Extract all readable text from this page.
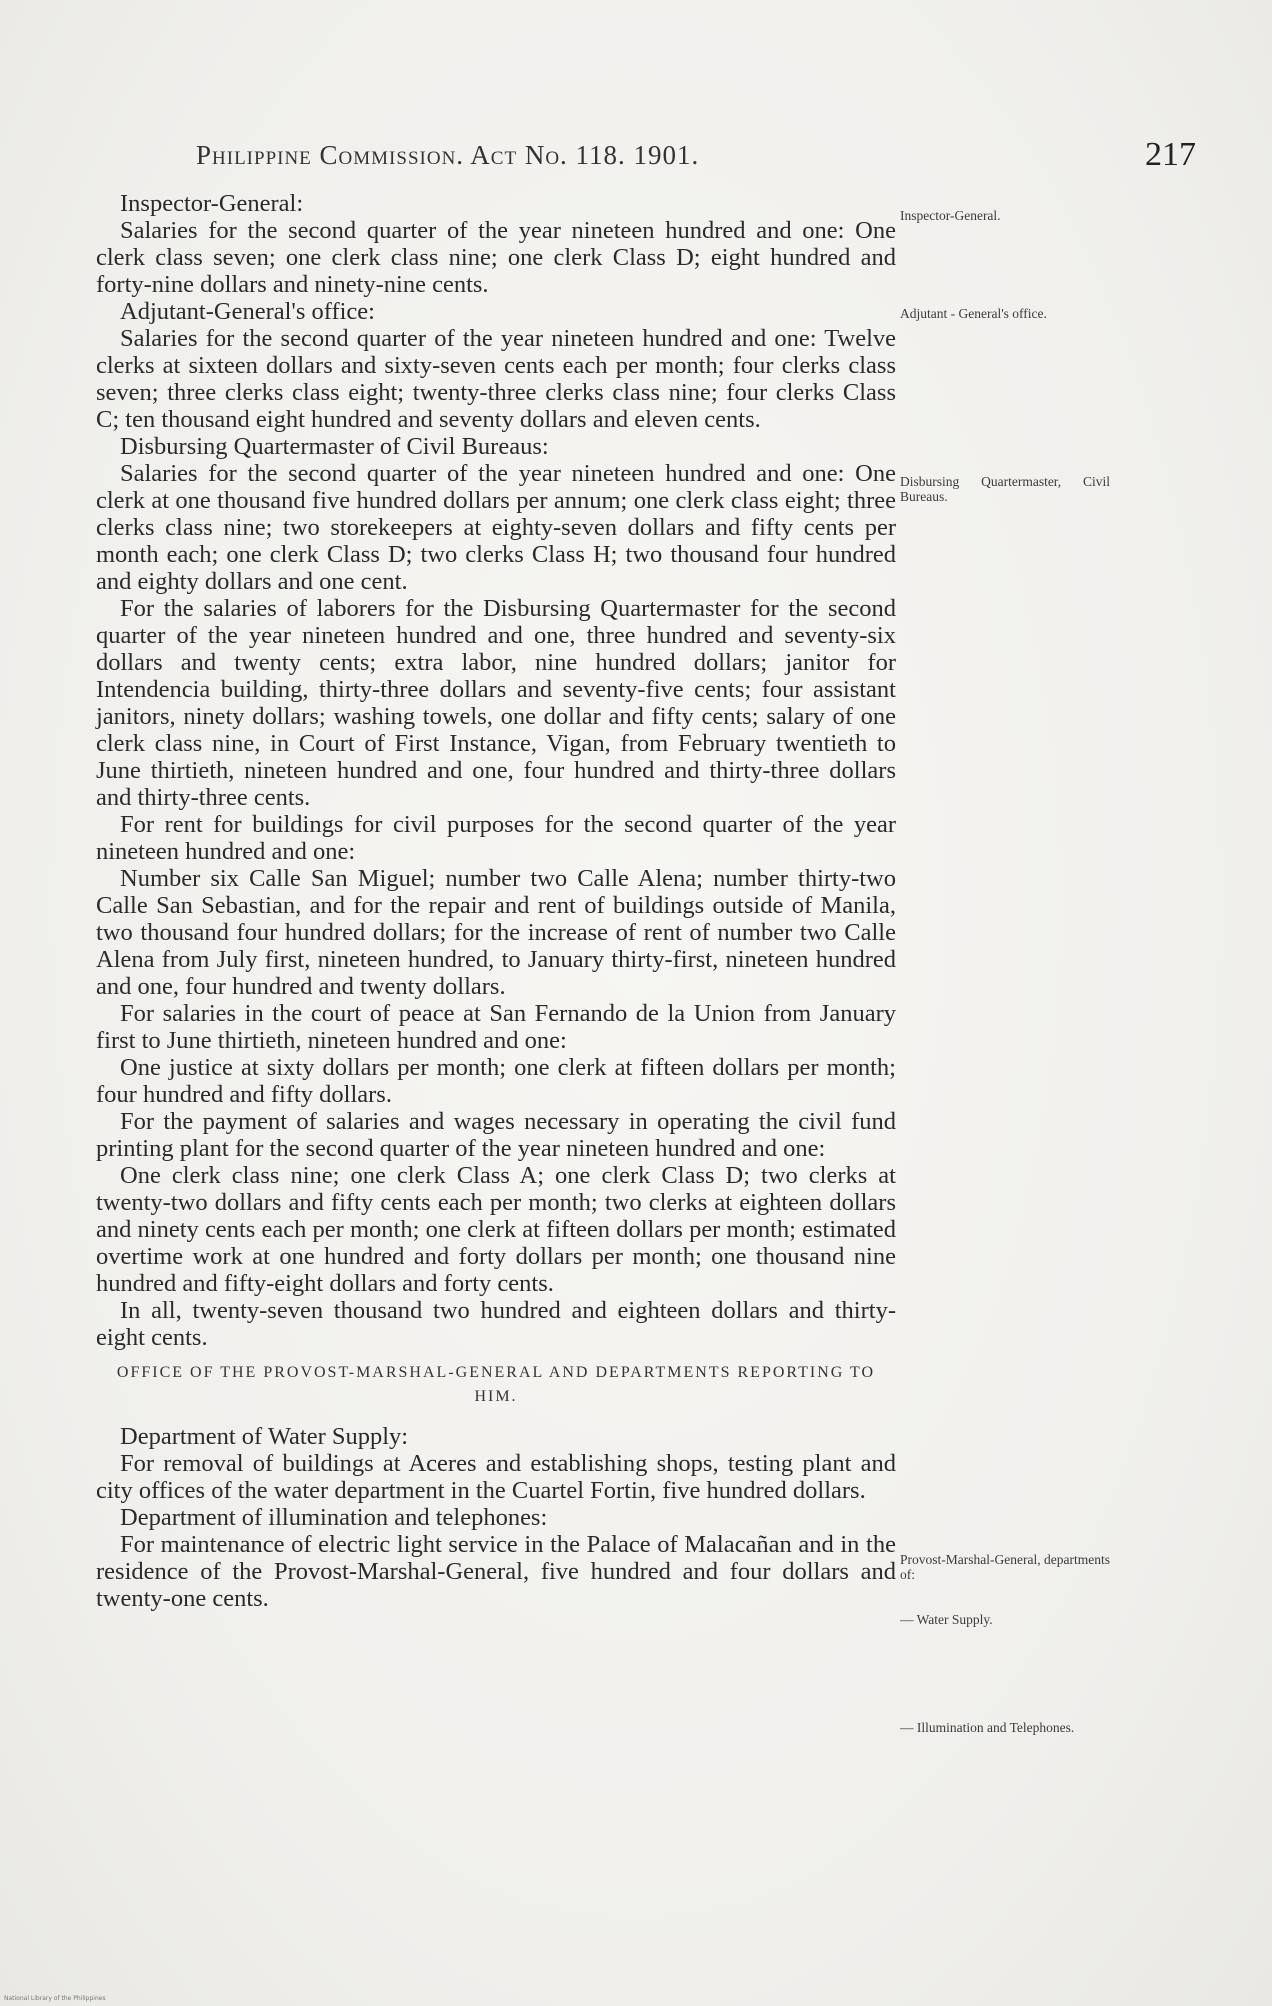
Philippine Commission. Act No. 118. 1901.	217

Inspector-General:

Salaries for the second quarter of the year nineteen hundred and one: One clerk class seven; one clerk class nine; one clerk Class D; eight hundred and forty-nine dollars and ninety-nine cents.

Adjutant-General's office:

Salaries for the second quarter of the year nineteen hundred and one: Twelve clerks at sixteen dollars and sixty-seven cents each per month; four clerks class seven; three clerks class eight; twenty-three clerks class nine; four clerks Class C; ten thousand eight hundred and seventy dollars and eleven cents.

Disbursing Quartermaster of Civil Bureaus:

Salaries for the second quarter of the year nineteen hundred and one: One clerk at one thousand five hundred dollars per annum; one clerk class eight; three clerks class nine; two storekeepers at eighty-seven dollars and fifty cents per month each; one clerk Class D; two clerks Class H; two thousand four hundred and eighty dollars and one cent.

For the salaries of laborers for the Disbursing Quartermaster for the second quarter of the year nineteen hundred and one, three hundred and seventy-six dollars and twenty cents; extra labor, nine hundred dollars; janitor for Intendencia building, thirty-three dollars and seventy-five cents; four assistant janitors, ninety dollars; washing towels, one dollar and fifty cents; salary of one clerk class nine, in Court of First Instance, Vigan, from February twentieth to June thirtieth, nineteen hundred and one, four hundred and thirty-three dollars and thirty-three cents.

For rent for buildings for civil purposes for the second quarter of the year nineteen hundred and one:

Number six Calle San Miguel; number two Calle Alena; number thirty-two Calle San Sebastian, and for the repair and rent of buildings outside of Manila, two thousand four hundred dollars; for the increase of rent of number two Calle Alena from July first, nineteen hundred, to January thirty-first, nineteen hundred and one, four hundred and twenty dollars.

For salaries in the court of peace at San Fernando de la Union from January first to June thirtieth, nineteen hundred and one:

One justice at sixty dollars per month; one clerk at fifteen dollars per month; four hundred and fifty dollars.

For the payment of salaries and wages necessary in operating the civil fund printing plant for the second quarter of the year nineteen hundred and one:

One clerk class nine; one clerk Class A; one clerk Class D; two clerks at twenty-two dollars and fifty cents each per month; two clerks at eighteen dollars and ninety cents each per month; one clerk at fifteen dollars per month; estimated overtime work at one hundred and forty dollars per month; one thousand nine hundred and fifty-eight dollars and forty cents.

In all, twenty-seven thousand two hundred and eighteen dollars and thirty-eight cents.

OFFICE OF THE PROVOST-MARSHAL-GENERAL AND DEPARTMENTS REPORTING TO HIM.

Department of Water Supply:

For removal of buildings at Aceres and establishing shops, testing plant and city offices of the water department in the Cuartel Fortin, five hundred dollars.

Department of illumination and telephones:

For maintenance of electric light service in the Palace of Malacañan and in the residence of the Provost-Marshal-General, five hundred and four dollars and twenty-one cents.

Inspector-General.
Adjutant - General's office.
Disbursing Quartermaster, Civil Bureaus.
Provost-Marshal-General, departments of:
— Water Supply.
— Illumination and Telephones.
National Library of the Philippines
